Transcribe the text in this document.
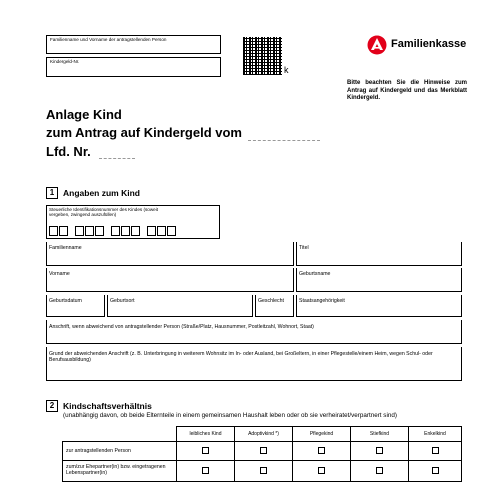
Familienname und Vorname der antragstellenden Person
Kindergeld-Nr.
k
Familienkasse
Bitte beachten Sie die Hinweise zum Antrag auf Kindergeld und das Merkblatt Kindergeld.
Anlage Kind
zum Antrag auf Kindergeld vom
Lfd. Nr.
1	Angaben zum Kind
Steuerliche Identifikationsnummer des Kindes (soweit vergeben, zwingend auszufüllen)
Familienname	Titel
Vorname	Geburtsname
Geburtsdatum	Geburtsort	Geschlecht	Staatsangehörigkeit
Anschrift, wenn abweichend von antragstellender Person (Straße/Platz, Hausnummer, Postleitzahl, Wohnort, Staat)
Grund der abweichenden Anschrift (z. B. Unterbringung in weiterem Wohnsitz im In- oder Ausland, bei Großeltern, in einer Pflegestelle/einem Heim, wegen Schul- oder Berufsausbildung)
2	Kindschaftsverhältnis
(unabhängig davon, ob beide Elternteile in einem gemeinsamen Haushalt leben oder ob sie verheiratet/verpartnert sind)
leibliches Kind	Adoptivkind *)	Pflegekind	Stiefkind	Enkelkind
zur antragstellenden Person
zum/zur Ehepartner(in) bzw. eingetragenen Lebenspartner(in)
